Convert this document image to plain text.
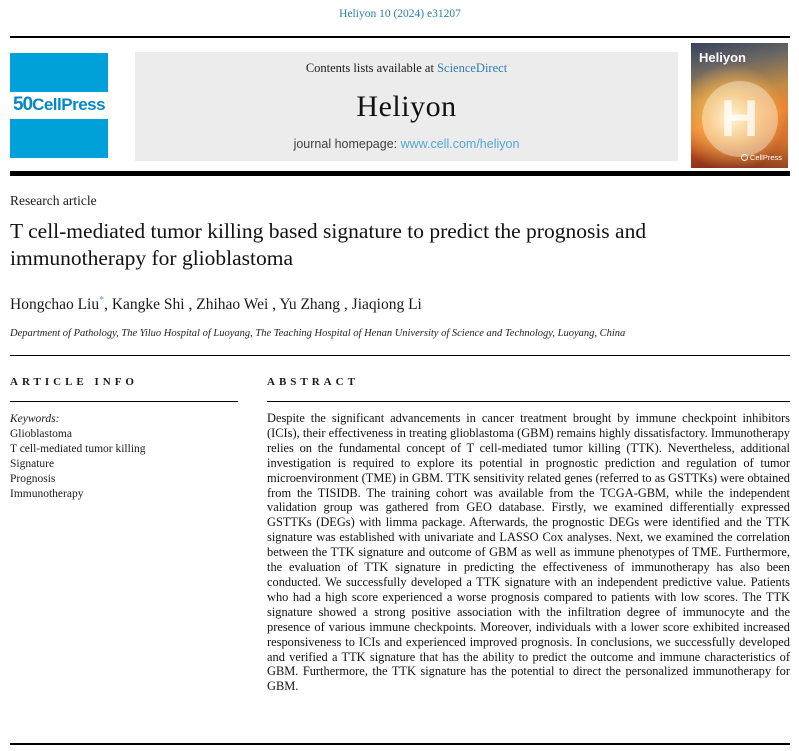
Heliyon 10 (2024) e31207
50 CellPress
Contents lists available at ScienceDirect
Heliyon
journal homepage: www.cell.com/heliyon
Heliyon
H
CellPress
Research article
T cell-mediated tumor killing based signature to predict the prognosis and immunotherapy for glioblastoma

Hongchao Liu*, Kangke Shi , Zhihao Wei , Yu Zhang , Jiaqiong Li

Department of Pathology, The Yiluo Hospital of Luoyang, The Teaching Hospital of Henan University of Science and Technology, Luoyang, China

ARTICLE INFO
Keywords:
Glioblastoma
T cell-mediated tumor killing
Signature
Prognosis
Immunotherapy
ABSTRACT

Despite the significant advancements in cancer treatment brought by immune checkpoint inhibitors (ICIs), their effectiveness in treating glioblastoma (GBM) remains highly dissatisfactory. Immunotherapy relies on the fundamental concept of T cell-mediated tumor killing (TTK). Nevertheless, additional investigation is required to explore its potential in prognostic prediction and regulation of tumor microenvironment (TME) in GBM. TTK sensitivity related genes (referred to as GSTTKs) were obtained from the TISIDB. The training cohort was available from the TCGA-GBM, while the independent validation group was gathered from GEO database. Firstly, we examined differentially expressed GSTTKs (DEGs) with limma package. Afterwards, the prognostic DEGs were identified and the TTK signature was established with univariate and LASSO Cox analyses. Next, we examined the correlation between the TTK signature and outcome of GBM as well as immune phenotypes of TME. Furthermore, the evaluation of TTK signature in predicting the effectiveness of immunotherapy has also been conducted. We successfully developed a TTK signature with an independent predictive value. Patients who had a high score experienced a worse prognosis compared to patients with low scores. The TTK signature showed a strong positive association with the infiltration degree of immunocyte and the presence of various immune checkpoints. Moreover, individuals with a lower score exhibited increased responsiveness to ICIs and experienced improved prognosis. In conclusions, we successfully developed and verified a TTK signature that has the ability to predict the outcome and immune characteristics of GBM. Furthermore, the TTK signature has the potential to direct the personalized immunotherapy for GBM.
